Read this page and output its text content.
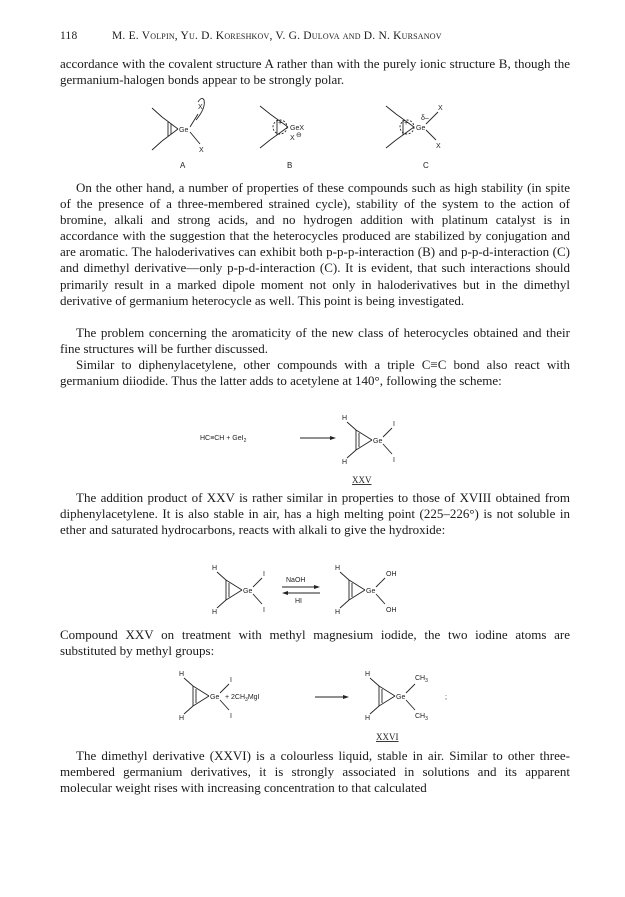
118	M. E. Volpin, Yu. D. Koreshkov, V. G. Dulova and D. N. Kursanov

accordance with the covalent structure A rather than with the purely ionic structure B, though the germanium-halogen bonds appear to be strongly polar.

Ge
X
X
A
+
GeX
X ⊖
B
+
Ge
δ–
X
X
C

On the other hand, a number of properties of these compounds such as high stability (in spite of the presence of a three-membered strained cycle), stability of the system to the action of bromine, alkali and strong acids, and no hydrogen addition with platinum catalyst is in accordance with the suggestion that the heterocycles produced are stabilized by conjugation and are aromatic. The haloderivatives can exhibit both p-p-p-interaction (B) and p-p-d-interaction (C) and dimethyl derivative—only p-p-d-interaction (C). It is evident, that such interactions should primarily result in a marked dipole moment not only in haloderivatives but in the dimethyl derivative of germanium heterocycle as well. This point is being investigated.

The problem concerning the aromaticity of the new class of heterocycles obtained and their fine structures will be further discussed.

Similar to diphenylacetylene, other compounds with a triple C≡C bond also react with germanium diiodide. Thus the latter adds to acetylene at 140°, following the scheme:

HC≡CH + GeI$_2$
H
H
Ge
I
I
XXV

The addition product of XXV is rather similar in properties to those of XVIII obtained from diphenylacetylene. It is also stable in air, has a high melting point (225–226°) is not soluble in ether and saturated hydrocarbons, reacts with alkali to give the hydroxide:

H
H
Ge
I
I
NaOH
HI
H
H
Ge
OH
OH

Compound XXV on treatment with methyl magnesium iodide, the two iodine atoms are substituted by methyl groups:

H
H
Ge
I
I
+ $2CH_3MgI$
H
H
Ge
$CH_3$
$CH_3$
;
XXVI

The dimethyl derivative (XXVI) is a colourless liquid, stable in air. Similar to other three-membered germanium derivatives, it is strongly associated in solutions and its apparent molecular weight rises with increasing concentration to that calculated
